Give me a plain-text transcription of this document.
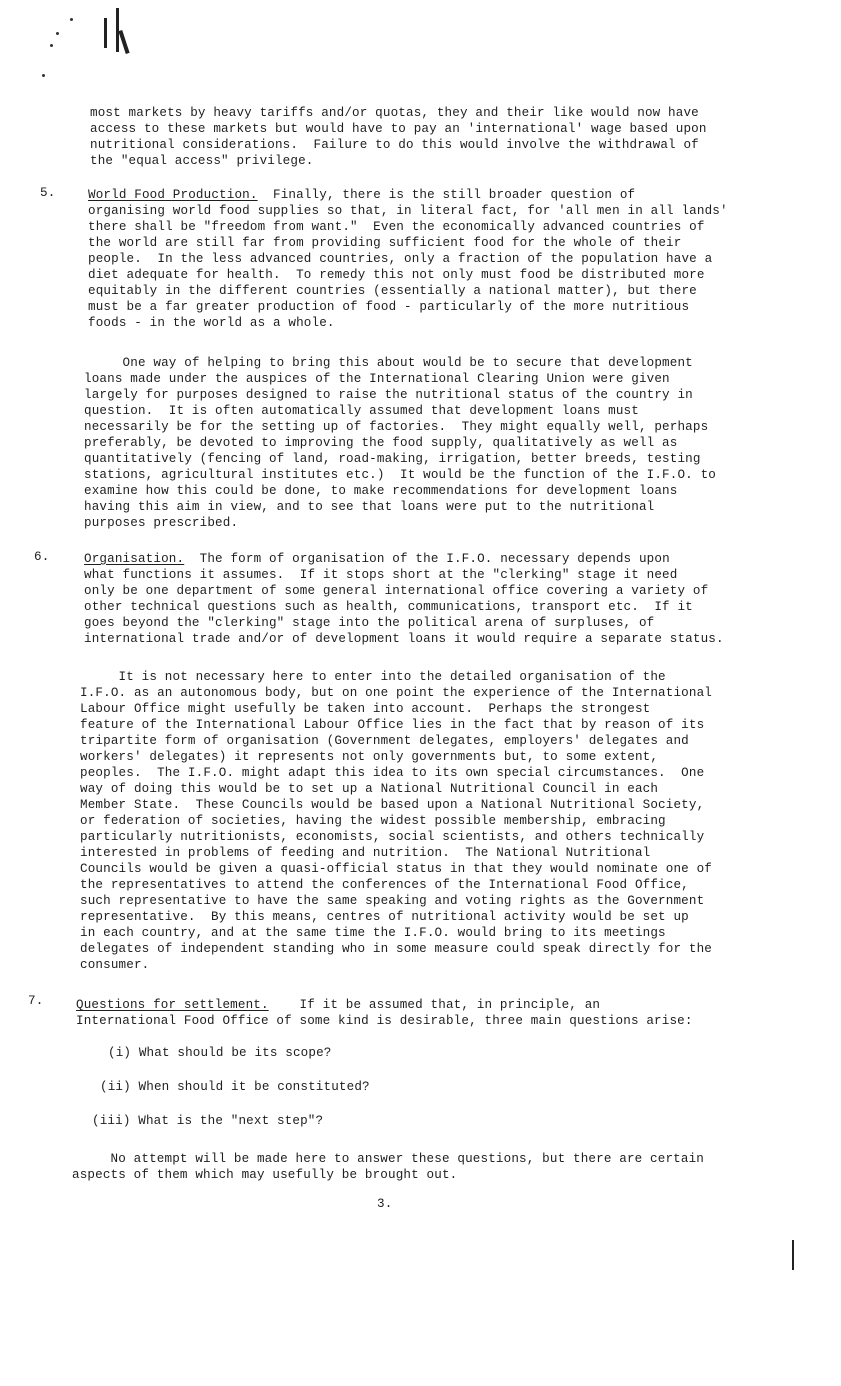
most markets by heavy tariffs and/or quotas, they and their like would now have
access to these markets but would have to pay an 'international' wage based upon
nutritional considerations.  Failure to do this would involve the withdrawal of
the "equal access" privilege.
5.	World Food Production.  Finally, there is the still broader question of
organising world food supplies so that, in literal fact, for 'all men in all lands'
there shall be "freedom from want."  Even the economically advanced countries of
the world are still far from providing sufficient food for the whole of their
people.  In the less advanced countries, only a fraction of the population have a
diet adequate for health.  To remedy this not only must food be distributed more
equitably in the different countries (essentially a national matter), but there
must be a far greater production of food - particularly of the more nutritious
foods - in the world as a whole.
One way of helping to bring this about would be to secure that development
loans made under the auspices of the International Clearing Union were given
largely for purposes designed to raise the nutritional status of the country in
question.  It is often automatically assumed that development loans must
necessarily be for the setting up of factories.  They might equally well, perhaps
preferably, be devoted to improving the food supply, qualitatively as well as
quantitatively (fencing of land, road-making, irrigation, better breeds, testing
stations, agricultural institutes etc.)  It would be the function of the I.F.O. to
examine how this could be done, to make recommendations for development loans
having this aim in view, and to see that loans were put to the nutritional
purposes prescribed.
6.	Organisation.  The form of organisation of the I.F.O. necessary depends upon
what functions it assumes.  If it stops short at the "clerking" stage it need
only be one department of some general international office covering a variety of
other technical questions such as health, communications, transport etc.  If it
goes beyond the "clerking" stage into the political arena of surpluses, of
international trade and/or of development loans it would require a separate status.
It is not necessary here to enter into the detailed organisation of the
I.F.O. as an autonomous body, but on one point the experience of the International
Labour Office might usefully be taken into account.  Perhaps the strongest
feature of the International Labour Office lies in the fact that by reason of its
tripartite form of organisation (Government delegates, employers' delegates and
workers' delegates) it represents not only governments but, to some extent,
peoples.  The I.F.O. might adapt this idea to its own special circumstances.  One
way of doing this would be to set up a National Nutritional Council in each
Member State.  These Councils would be based upon a National Nutritional Society,
or federation of societies, having the widest possible membership, embracing
particularly nutritionists, economists, social scientists, and others technically
interested in problems of feeding and nutrition.  The National Nutritional
Councils would be given a quasi-official status in that they would nominate one of
the representatives to attend the conferences of the International Food Office,
such representative to have the same speaking and voting rights as the Government
representative.  By this means, centres of nutritional activity would be set up
in each country, and at the same time the I.F.O. would bring to its meetings
delegates of independent standing who in some measure could speak directly for the
consumer.
7.	Questions for settlement.    If it be assumed that, in principle, an
International Food Office of some kind is desirable, three main questions arise:
(i) What should be its scope?
(ii) When should it be constituted?
(iii) What is the "next step"?
No attempt will be made here to answer these questions, but there are certain
aspects of them which may usefully be brought out.
3.
